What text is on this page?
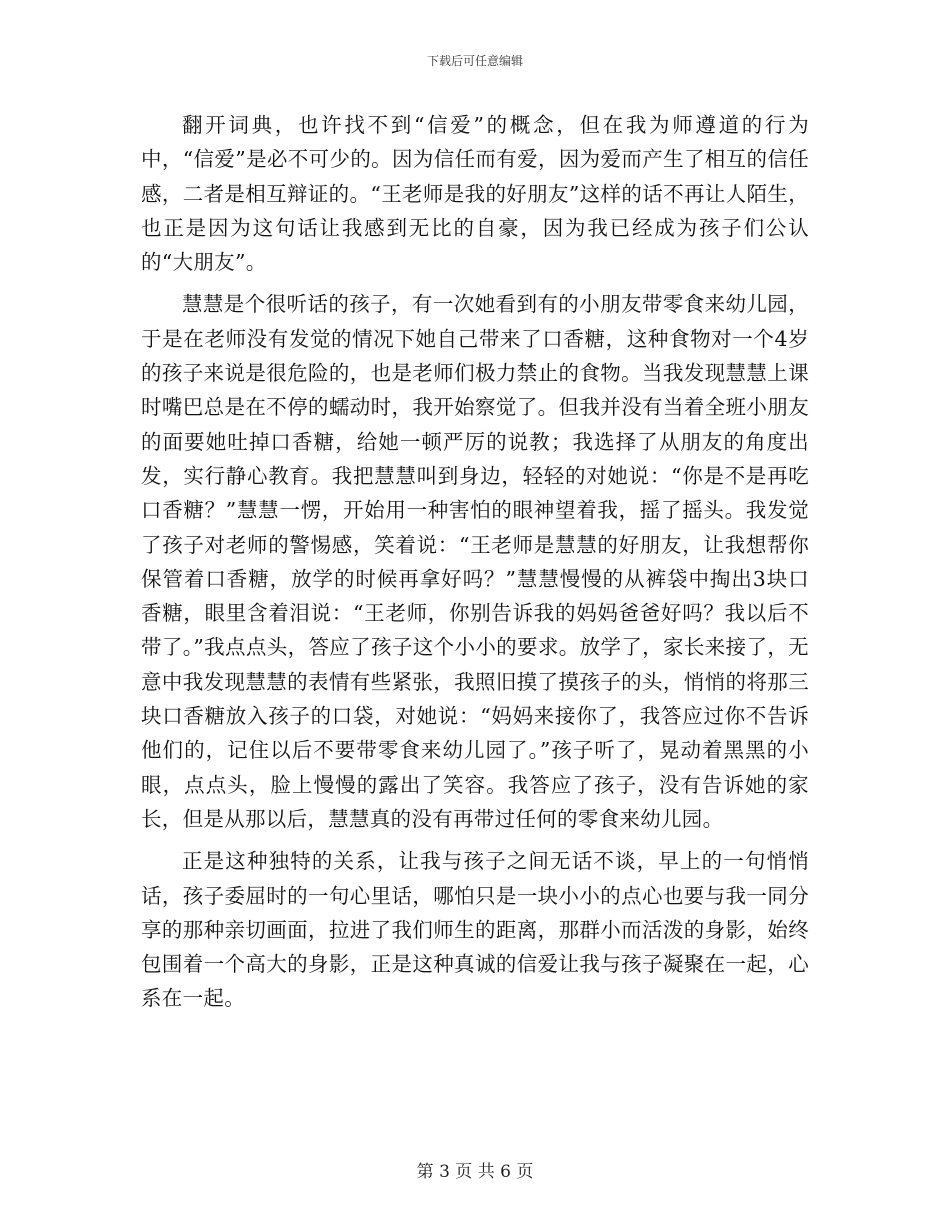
下载后可任意编辑

翻开词典，也许找不到“信爱”的概念，但在我为师遵道的行为中，“信爱”是必不可少的。因为信任而有爱，因为爱而产生了相互的信任感，二者是相互辩证的。“王老师是我的好朋友”这样的话不再让人陌生，也正是因为这句话让我感到无比的自豪，因为我已经成为孩子们公认的“大朋友”。

慧慧是个很听话的孩子，有一次她看到有的小朋友带零食来幼儿园，于是在老师没有发觉的情况下她自己带来了口香糖，这种食物对一个4岁的孩子来说是很危险的，也是老师们极力禁止的食物。当我发现慧慧上课时嘴巴总是在不停的蠕动时，我开始察觉了。但我并没有当着全班小朋友的面要她吐掉口香糖，给她一顿严厉的说教；我选择了从朋友的角度出发，实行静心教育。我把慧慧叫到身边，轻轻的对她说：“你是不是再吃口香糖？”慧慧一愣，开始用一种害怕的眼神望着我，摇了摇头。我发觉了孩子对老师的警惕感，笑着说：“王老师是慧慧的好朋友，让我想帮你保管着口香糖，放学的时候再拿好吗？”慧慧慢慢的从裤袋中掏出3块口香糖，眼里含着泪说：“王老师，你别告诉我的妈妈爸爸好吗？我以后不带了。”我点点头，答应了孩子这个小小的要求。放学了，家长来接了，无意中我发现慧慧的表情有些紧张，我照旧摸了摸孩子的头，悄悄的将那三块口香糖放入孩子的口袋，对她说：“妈妈来接你了，我答应过你不告诉他们的，记住以后不要带零食来幼儿园了。”孩子听了，晃动着黑黑的小眼，点点头，脸上慢慢的露出了笑容。我答应了孩子，没有告诉她的家长，但是从那以后，慧慧真的没有再带过任何的零食来幼儿园。

正是这种独特的关系，让我与孩子之间无话不谈，早上的一句悄悄话，孩子委屈时的一句心里话，哪怕只是一块小小的点心也要与我一同分享的那种亲切画面，拉进了我们师生的距离，那群小而活泼的身影，始终包围着一个高大的身影，正是这种真诚的信爱让我与孩子凝聚在一起，心系在一起。

第 3 页 共 6 页
